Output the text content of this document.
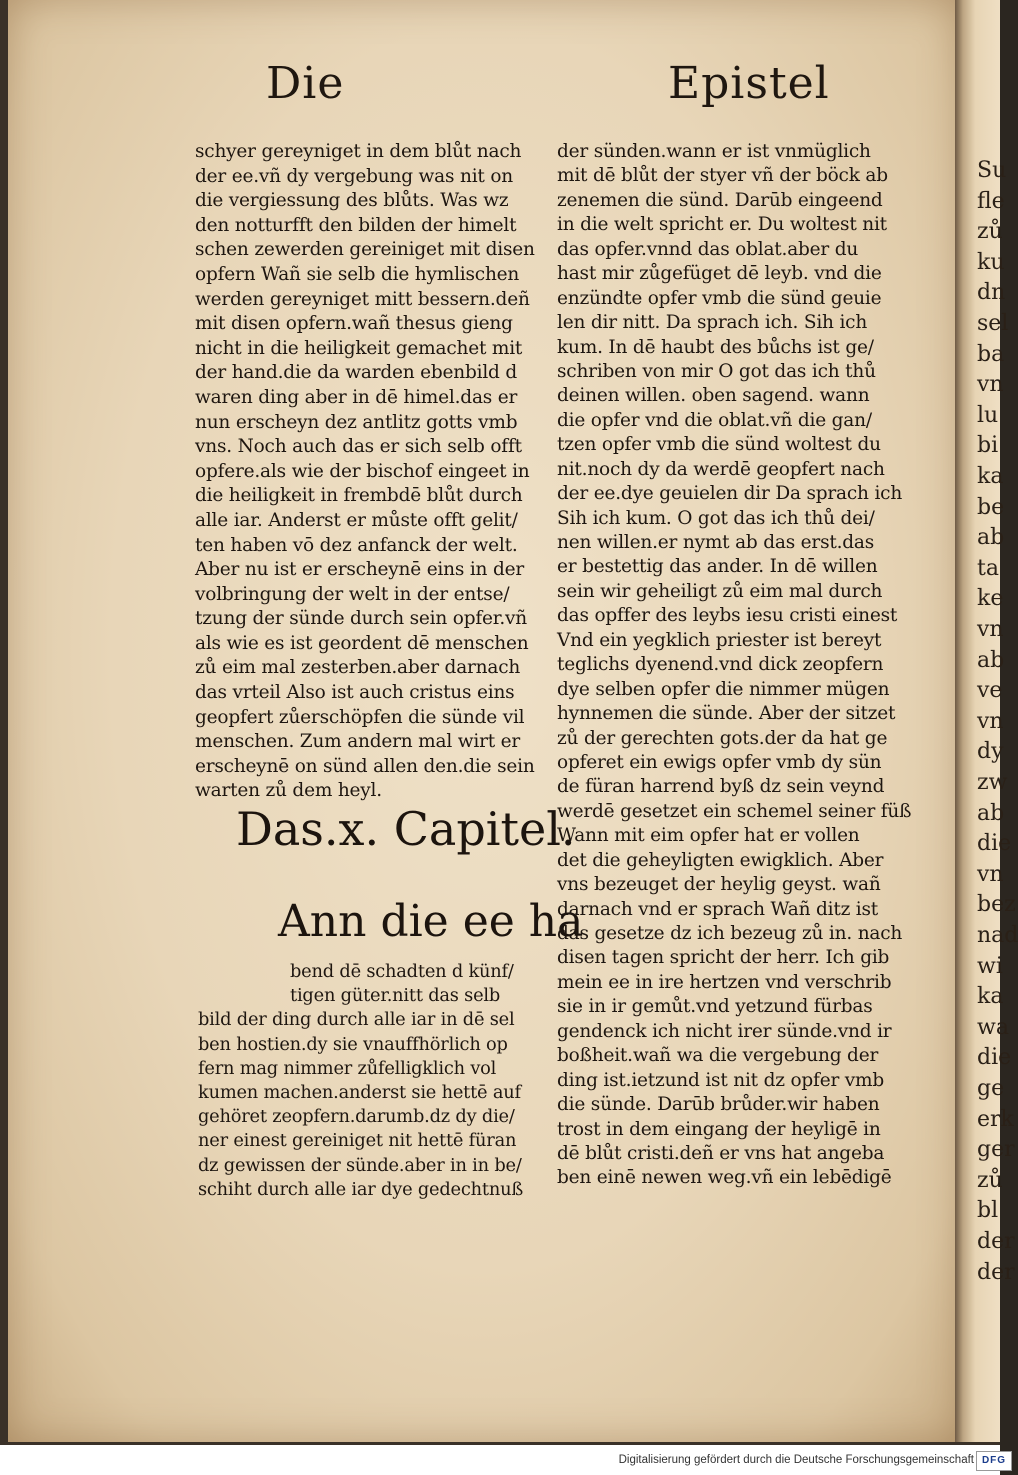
Die	Epistel
schyer gereyniget in dem blůt nach
der ee.vñ dy vergebung was nit on
die vergiessung des blůts. Was wz
den notturfft den bilden der himelt
schen zewerden gereiniget mit disen
opfern Wañ sie selb die hymlischen
werden gereyniget mitt bessern.deñ
mit disen opfern.wañ thesus gieng
nicht in die heiligkeit gemachet mit
der hand.die da warden ebenbild d
waren ding aber in dē himel.das er
nun erscheyn dez antlitz gotts vmb
vns. Noch auch das er sich selb offt
opfere.als wie der bischof eingeet in
die heiligkeit in frembdē blůt durch
alle iar. Anderst er můste offt gelit/
ten haben vō dez anfanck der welt.
Aber nu ist er erscheynē eins in der
volbringung der welt in der entse/
tzung der sünde durch sein opfer.vñ
als wie es ist geordent dē menschen
zů eim mal zesterben.aber darnach
das vrteil Also ist auch cristus eins
geopfert zůerschöpfen die sünde vil
menschen. Zum andern mal wirt er
erscheynē on sünd allen den.die sein
warten zů dem heyl.
Das.x. Capitel.
Ann die ee ha
bend dē schadten d künf/
tigen güter.nitt das selb
bild der ding durch alle iar in dē sel
ben hostien.dy sie vnauffhörlich op
fern mag nimmer zůfelligklich vol
kumen machen.anderst sie hettē auf
gehöret zeopfern.darumb.dz dy die/
ner einest gereiniget nit hettē füran
dz gewissen der sünde.aber in in be/
schiht durch alle iar dye gedechtnuß
der sünden.wann er ist vnmüglich
mit dē blůt der styer vñ der böck ab
zenemen die sünd. Darūb eingeend
in die welt spricht er. Du woltest nit
das opfer.vnnd das oblat.aber du
hast mir zůgefüget dē leyb. vnd die
enzündte opfer vmb die sünd geuie
len dir nitt. Da sprach ich. Sih ich
kum. In dē haubt des bůchs ist ge/
schriben von mir O got das ich thů
deinen willen. oben sagend. wann
die opfer vnd die oblat.vñ die gan/
tzen opfer vmb die sünd woltest du
nit.noch dy da werdē geopfert nach
der ee.dye geuielen dir Da sprach ich
Sih ich kum. O got das ich thů dei/
nen willen.er nymt ab das erst.das
er bestettig das ander. In dē willen
sein wir geheiligt zů eim mal durch
das opffer des leybs iesu cristi einest
Vnd ein yegklich priester ist bereyt
teglichs dyenend.vnd dick zeopfern
dye selben opfer die nimmer mügen
hynnemen die sünde. Aber der sitzet
zů der gerechten gots.der da hat ge
opferet ein ewigs opfer vmb dy sün
de füran harrend byß dz sein veynd
werdē gesetzet ein schemel seiner füß
Wann mit eim opfer hat er vollen
det die geheyligten ewigklich. Aber
vns bezeuget der heylig geyst. wañ
darnach vnd er sprach Wañ ditz ist
das gesetze dz ich bezeug zů in. nach
disen tagen spricht der herr. Ich gib
mein ee in ire hertzen vnd verschrib
sie in ir gemůt.vnd yetzund fürbas
gendenck ich nicht irer sünde.vnd ir
boßheit.wañ wa die vergebung der
ding ist.ietzund ist nit dz opfer vmb
die sünde. Darūb brůder.wir haben
trost in dem eingang der heyligē in
dē blůt cristi.deñ er vns hat angeba
ben einē newen weg.vñ ein lebēdigē
Su
fle
zů
ku
dn
sel
ba
vn
lu
bi
ka
be
ab
ta
ke
vn
ab
ve
vn
dy
zw
ab
die
vn
bez
nad
wi
ka
wa
die
ge
erk
ger
zů
bl
der
der
Digitalisierung gefördert durch die Deutsche Forschungsgemeinschaft DFG
